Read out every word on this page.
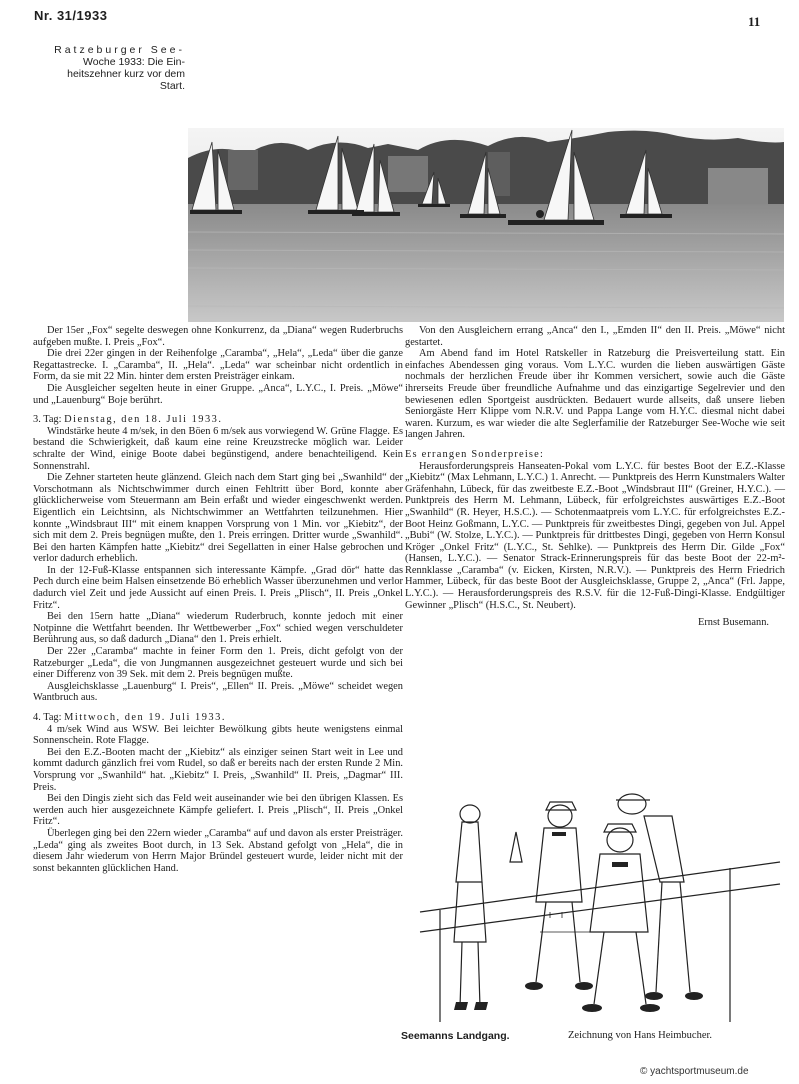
Nr. 31/1933	11
Ratzeburger See-
Woche 1933: Die Ein-
heitszehner kurz vor dem
Start.

Der 15er „Fox“ segelte deswegen ohne Konkurrenz, da „Diana“ wegen Ruderbruchs aufgeben mußte. I. Preis „Fox“.

Die drei 22er gingen in der Reihenfolge „Caramba“, „Hela“, „Leda“ über die ganze Regattastrecke. I. „Caramba“, II. „Hela“. „Leda“ war scheinbar nicht ordentlich in Form, da sie mit 22 Min. hinter dem ersten Preisträger einkam.

Die Ausgleicher segelten heute in einer Gruppe. „Anca“, L.Y.C., I. Preis. „Möwe“ und „Lauenburg“ Boje berührt.

3. Tag: Dienstag, den 18. Juli 1933.

Windstärke heute 4 m/sek, in den Böen 6 m/sek aus vorwiegend W. Grüne Flagge. Es bestand die Schwierigkeit, daß kaum eine reine Kreuzstrecke möglich war. Leider schralte der Wind, einige Boote dabei begünstigend, andere benachteiligend. Kein Sonnenstrahl.

Die Zehner starteten heute glänzend. Gleich nach dem Start ging bei „Swanhild“ der Vorschotmann als Nichtschwimmer durch einen Fehltritt über Bord, konnte aber glücklicherweise vom Steuermann am Bein erfaßt und wieder eingeschwenkt werden. Eigentlich ein Leichtsinn, als Nichtschwimmer an Wettfahrten teilzunehmen. Hier konnte „Windsbraut III“ mit einem knappen Vorsprung von 1 Min. vor „Kiebitz“, der sich mit dem 2. Preis begnügen mußte, den 1. Preis erringen. Dritter wurde „Swanhild“. Bei den harten Kämpfen hatte „Kiebitz“ drei Segellatten in einer Halse gebrochen und verlor dadurch erheblich.

In der 12-Fuß-Klasse entspannen sich interessante Kämpfe. „Grad dör“ hatte das Pech durch eine beim Halsen einsetzende Bö erheblich Wasser überzunehmen und verlor dadurch viel Zeit und jede Aussicht auf einen Preis. I. Preis „Plisch“, II. Preis „Onkel Fritz“.

Bei den 15ern hatte „Diana“ wiederum Ruderbruch, konnte jedoch mit einer Notpinne die Wettfahrt beenden. Ihr Wettbewerber „Fox“ schied wegen verschuldeter Berührung aus, so daß dadurch „Diana“ den 1. Preis erhielt.

Der 22er „Caramba“ machte in feiner Form den 1. Preis, dicht gefolgt von der Ratzeburger „Leda“, die von Jungmannen ausgezeichnet gesteuert wurde und sich bei einer Differenz von 39 Sek. mit dem 2. Preis begnügen mußte.

Ausgleichsklasse „Lauenburg“ I. Preis“, „Ellen“ II. Preis. „Möwe“ scheidet wegen Wantbruch aus.

4. Tag: Mittwoch, den 19. Juli 1933.

4 m/sek Wind aus WSW. Bei leichter Bewölkung gibts heute wenigstens einmal Sonnenschein. Rote Flagge.

Bei den E.Z.-Booten macht der „Kiebitz“ als einziger seinen Start weit in Lee und kommt dadurch gänzlich frei vom Rudel, so daß er bereits nach der ersten Runde 2 Min. Vorsprung vor „Swanhild“ hat. „Kiebitz“ I. Preis, „Swanhild“ II. Preis, „Dagmar“ III. Preis.

Bei den Dingis zieht sich das Feld weit auseinander wie bei den übrigen Klassen. Es werden auch hier ausgezeichnete Kämpfe geliefert. I. Preis „Plisch“, II. Preis „Onkel Fritz“.

Überlegen ging bei den 22ern wieder „Caramba“ auf und davon als erster Preisträger. „Leda“ ging als zweites Boot durch, in 13 Sek. Abstand gefolgt von „Hela“, die in diesem Jahr wiederum von Herrn Major Bründel gesteuert wurde, leider nicht mit der sonst bekannten glücklichen Hand.

Von den Ausgleichern errang „Anca“ den I., „Emden II“ den II. Preis. „Möwe“ nicht gestartet.

Am Abend fand im Hotel Ratskeller in Ratzeburg die Preisverteilung statt. Ein einfaches Abendessen ging voraus. Vom L.Y.C. wurden die lieben auswärtigen Gäste nochmals der herzlichen Freude über ihr Kommen versichert, sowie auch die Gäste ihrerseits Freude über freundliche Aufnahme und das einzigartige Segelrevier und den bewiesenen edlen Sportgeist ausdrückten. Bedauert wurde allseits, daß unsere lieben Seniorgäste Herr Klippe vom N.R.V. und Pappa Lange vom H.Y.C. diesmal nicht dabei waren. Kurzum, es war wieder die alte Seglerfamilie der Ratzeburger See-Woche wie seit langen Jahren.

Es errangen Sonderpreise:

Herausforderungspreis Hanseaten-Pokal vom L.Y.C. für bestes Boot der E.Z.-Klasse „Kiebitz“ (Max Lehmann, L.Y.C.) 1. Anrecht. — Punktpreis des Herrn Kunstmalers Walter Gräfenhahn, Lübeck, für das zweitbeste E.Z.-Boot „Windsbraut III“ (Greiner, H.Y.C.). — Punktpreis des Herrn M. Lehmann, Lübeck, für erfolgreichstes auswärtiges E.Z.-Boot „Swanhild“ (R. Heyer, H.S.C.). — Schotenmaatpreis vom L.Y.C. für erfolgreichstes E.Z.-Boot Heinz Goßmann, L.Y.C. — Punktpreis für zweitbestes Dingi, gegeben von Jul. Appel „Bubi“ (W. Stolze, L.Y.C.). — Punktpreis für drittbestes Dingi, gegeben von Herrn Konsul Kröger „Onkel Fritz“ (L.Y.C., St. Sehlke). — Punktpreis des Herrn Dir. Gilde „Fox“ (Hansen, L.Y.C.). — Senator Strack-Erinnerungspreis für das beste Boot der 22-m²-Rennklasse „Caramba“ (v. Eicken, Kirsten, N.R.V.). — Punktpreis des Herrn Friedrich Hammer, Lübeck, für das beste Boot der Ausgleichsklasse, Gruppe 2, „Anca“ (Frl. Jappe, L.Y.C.). — Herausforderungspreis des R.S.V. für die 12-Fuß-Dingi-Klasse. Endgültiger Gewinner „Plisch“ (H.S.C., St. Neubert).

Ernst Busemann.

Seemanns Landgang.	Zeichnung von Hans Heimbucher.
© yachtsportmuseum.de
